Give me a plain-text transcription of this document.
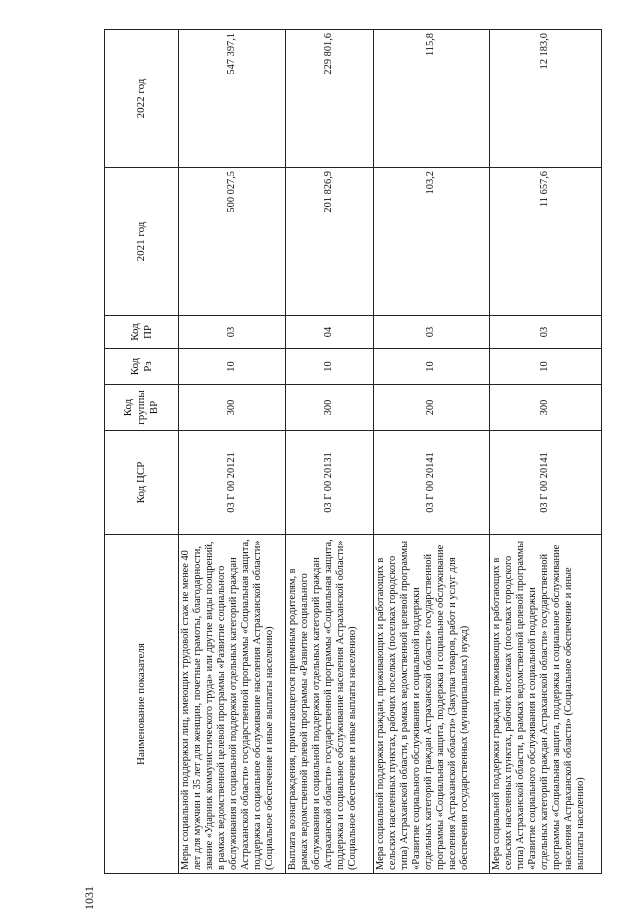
1031
Наименование показателя	Код ЦСР	Код группы ВР	Код Рз	Код ПР	2021 год	2022 год
Меры социальной поддержки лиц, имеющих трудовой стаж не менее 40 лет для мужчин и 35 лет для женщин, почетные грамоты, благодарности, звание «Ударник коммунистического труда» или другие виды поощрений, в рамках ведомственной целевой программы «Развитие социального обслуживания и социальной поддержки отдельных категорий граждан Астраханской области» государственной программы «Социальная защита, поддержка и социальное обслуживание населения Астраханской области» (Социальное обеспечение и иные выплаты населению)	03 Г 00 20121	300	10	03	500 027,5	547 397,1
Выплата вознаграждения, причитающегося приемным родителям, в рамках ведомственной целевой программы «Развитие социального обслуживания и социальной поддержки отдельных категорий граждан Астраханской области» государственной программы «Социальная защита, поддержка и социальное обслуживание населения Астраханской области» (Социальное обеспечение и иные выплаты населению)	03 Г 00 20131	300	10	04	201 826,9	229 801,6
Мера социальной поддержки граждан, проживающих и работающих в сельских населенных пунктах, рабочих поселках (поселках городского типа) Астраханской области, в рамках ведомственной целевой программы «Развитие социального обслуживания и социальной поддержки отдельных категорий граждан Астраханской области» государственной программы «Социальная защита, поддержка и социальное обслуживание населения Астраханской области» (Закупка товаров, работ и услуг для обеспечения государственных (муниципальных) нужд)	03 Г 00 20141	200	10	03	103,2	115,8
Мера социальной поддержки граждан, проживающих и работающих в сельских населенных пунктах, рабочих поселках (поселках городского типа) Астраханской области, в рамках ведомственной целевой программы «Развитие социального обслуживания и социальной поддержки отдельных категорий граждан Астраханской области» государственной программы «Социальная защита, поддержка и социальное обслуживание населения Астраханской области» (Социальное обеспечение и иные выплаты населению)	03 Г 00 20141	300	10	03	11 657,6	12 183,0
